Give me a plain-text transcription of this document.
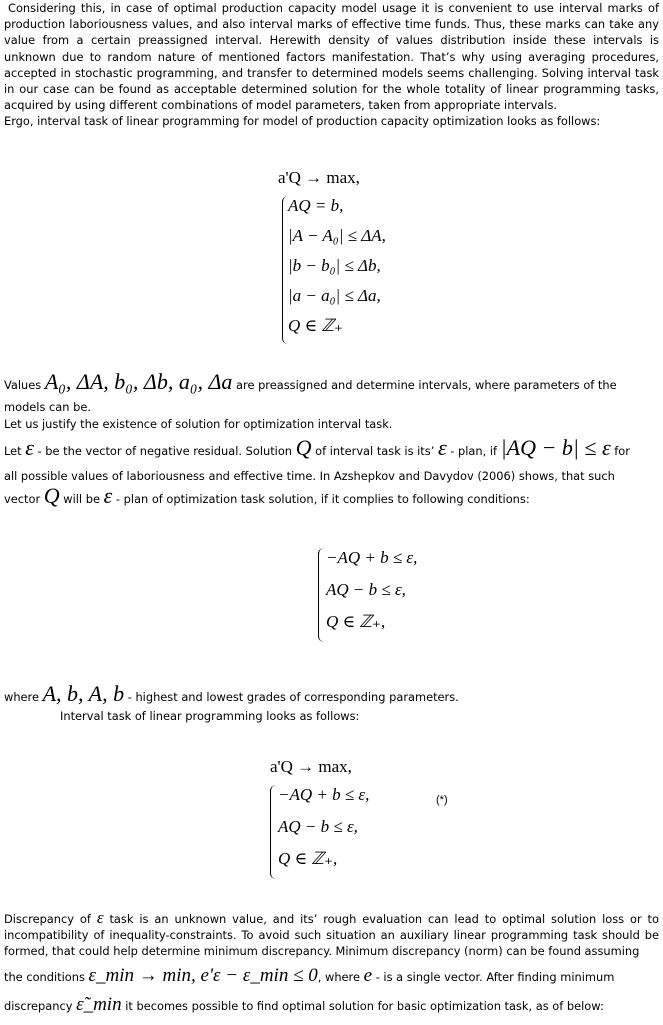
Considering this, in case of optimal production capacity model usage it is convenient to use interval marks of production laboriousness values, and also interval marks of effective time funds. Thus, these marks can take any value from a certain preassigned interval. Herewith density of values distribution inside these intervals is unknown due to random nature of mentioned factors manifestation. That’s why using averaging procedures, accepted in stochastic programming, and transfer to determined models seems challenging. Solving interval task in our case can be found as acceptable determined solution for the whole totality of linear programming tasks, acquired by using different combinations of model parameters, taken from appropriate intervals.

Ergo, interval task of linear programming for model of production capacity optimization looks as follows:

a'Q → max,
AQ = b,
|A − A₀| ≤ ΔA,
|b − b₀| ≤ Δb,
|a − a₀| ≤ Δa,
Q ∈ ℤ₊
Values A₀, ΔA, b₀, Δb, a₀, Δa are preassigned and determine intervals, where parameters of the
models can be.
Let us justify the existence of solution for optimization interval task.
Let ε - be the vector of negative residual. Solution Q of interval task is its’ ε - plan, if |AQ − b| ≤ ε for
all possible values of laboriousness and effective time. In Azshepkov and Davydov (2006) shows, that such
vector Q will be ε - plan of optimization task solution, if it complies to following conditions:
−AQ + b ≤ ε,
AQ − b ≤ ε,
Q ∈ ℤ₊,
where A, b, A, b - highest and lowest grades of corresponding parameters.
Interval task of linear programming looks as follows:
a'Q → max,
−AQ + b ≤ ε,
AQ − b ≤ ε,
Q ∈ ℤ₊,
(*)

Discrepancy of ε task is an unknown value, and its’ rough evaluation can lead to optimal solution loss or to incompatibility of inequality-constraints. To avoid such situation an auxiliary linear programming task should be formed, that could help determine minimum discrepancy. Minimum discrepancy (norm) can be found assuming

the conditions ε_min → min, e'ε − ε_min ≤ 0, where e - is a single vector. After finding minimum
discrepancy ε̃_min it becomes possible to find optimal solution for basic optimization task, as of below:
